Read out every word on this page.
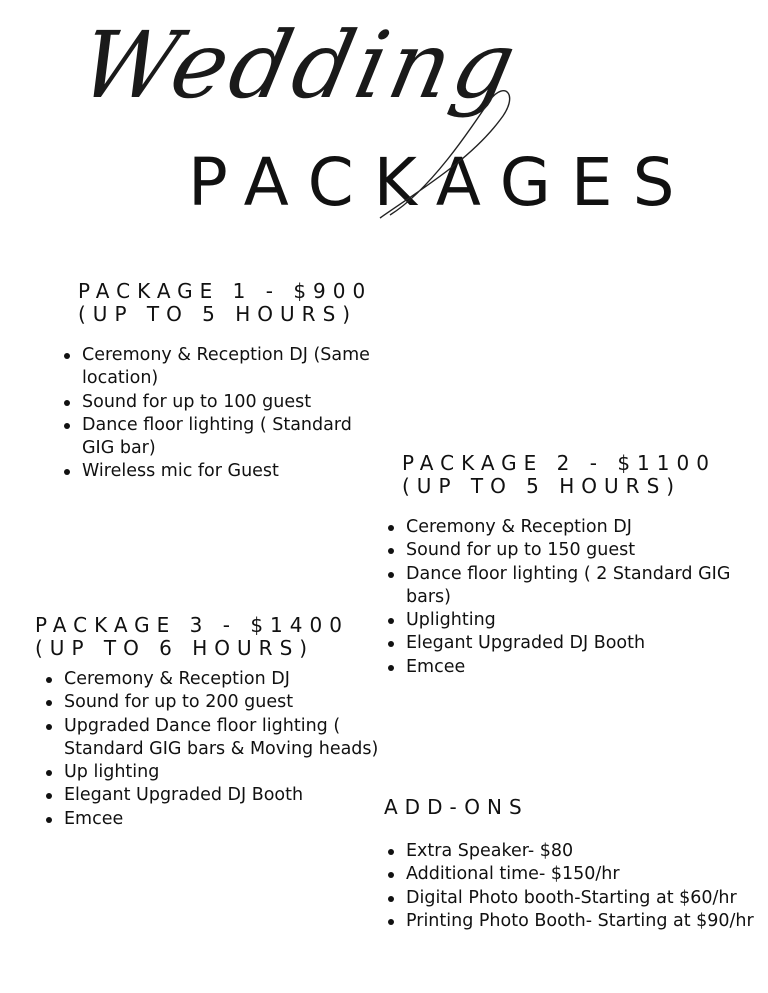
Wedding
PACKAGES
PACKAGE 1 - $900
(UP TO 5 HOURS)
Ceremony & Reception DJ (Same location)
Sound for up to 100 guest
Dance floor lighting ( Standard GIG bar)
Wireless mic for Guest	PACKAGE 2 - $1100
(UP TO 5 HOURS)
Ceremony & Reception DJ
Sound for up to 150 guest
Dance floor lighting ( 2 Standard GIG bars)
Uplighting
Elegant Upgraded DJ Booth
Emcee
PACKAGE 3 - $1400
(UP TO 6 HOURS)
Ceremony & Reception DJ
Sound for up to 200 guest
Upgraded Dance floor lighting ( Standard GIG bars & Moving heads)
Up lighting
Elegant Upgraded DJ Booth
Emcee	ADD-ONS
Extra Speaker- $80
Additional time- $150/hr
Digital Photo booth-Starting at $60/hr
Printing Photo Booth- Starting at $90/hr
